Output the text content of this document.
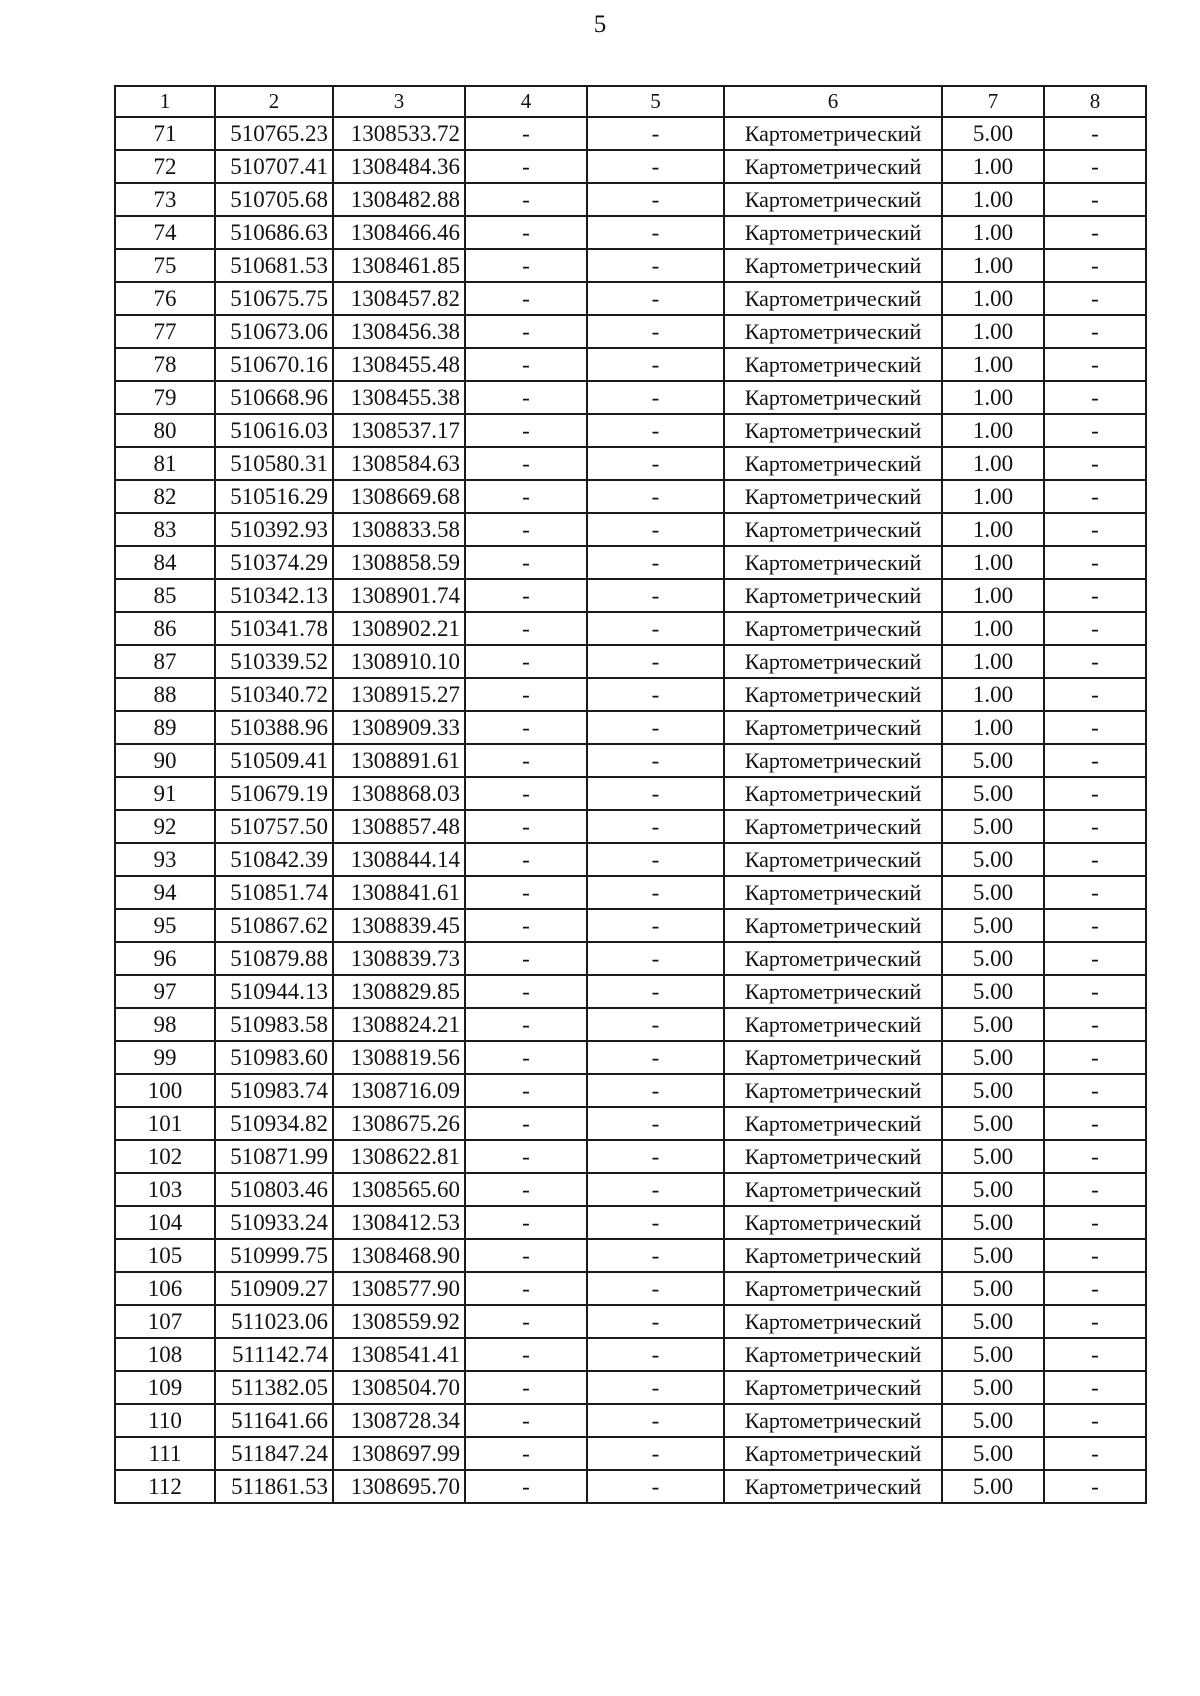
5
1	2	3	4	5	6	7	8
71	510765.23	1308533.72	-	-	Картометрический	5.00	-
72	510707.41	1308484.36	-	-	Картометрический	1.00	-
73	510705.68	1308482.88	-	-	Картометрический	1.00	-
74	510686.63	1308466.46	-	-	Картометрический	1.00	-
75	510681.53	1308461.85	-	-	Картометрический	1.00	-
76	510675.75	1308457.82	-	-	Картометрический	1.00	-
77	510673.06	1308456.38	-	-	Картометрический	1.00	-
78	510670.16	1308455.48	-	-	Картометрический	1.00	-
79	510668.96	1308455.38	-	-	Картометрический	1.00	-
80	510616.03	1308537.17	-	-	Картометрический	1.00	-
81	510580.31	1308584.63	-	-	Картометрический	1.00	-
82	510516.29	1308669.68	-	-	Картометрический	1.00	-
83	510392.93	1308833.58	-	-	Картометрический	1.00	-
84	510374.29	1308858.59	-	-	Картометрический	1.00	-
85	510342.13	1308901.74	-	-	Картометрический	1.00	-
86	510341.78	1308902.21	-	-	Картометрический	1.00	-
87	510339.52	1308910.10	-	-	Картометрический	1.00	-
88	510340.72	1308915.27	-	-	Картометрический	1.00	-
89	510388.96	1308909.33	-	-	Картометрический	1.00	-
90	510509.41	1308891.61	-	-	Картометрический	5.00	-
91	510679.19	1308868.03	-	-	Картометрический	5.00	-
92	510757.50	1308857.48	-	-	Картометрический	5.00	-
93	510842.39	1308844.14	-	-	Картометрический	5.00	-
94	510851.74	1308841.61	-	-	Картометрический	5.00	-
95	510867.62	1308839.45	-	-	Картометрический	5.00	-
96	510879.88	1308839.73	-	-	Картометрический	5.00	-
97	510944.13	1308829.85	-	-	Картометрический	5.00	-
98	510983.58	1308824.21	-	-	Картометрический	5.00	-
99	510983.60	1308819.56	-	-	Картометрический	5.00	-
100	510983.74	1308716.09	-	-	Картометрический	5.00	-
101	510934.82	1308675.26	-	-	Картометрический	5.00	-
102	510871.99	1308622.81	-	-	Картометрический	5.00	-
103	510803.46	1308565.60	-	-	Картометрический	5.00	-
104	510933.24	1308412.53	-	-	Картометрический	5.00	-
105	510999.75	1308468.90	-	-	Картометрический	5.00	-
106	510909.27	1308577.90	-	-	Картометрический	5.00	-
107	511023.06	1308559.92	-	-	Картометрический	5.00	-
108	511142.74	1308541.41	-	-	Картометрический	5.00	-
109	511382.05	1308504.70	-	-	Картометрический	5.00	-
110	511641.66	1308728.34	-	-	Картометрический	5.00	-
111	511847.24	1308697.99	-	-	Картометрический	5.00	-
112	511861.53	1308695.70	-	-	Картометрический	5.00	-
